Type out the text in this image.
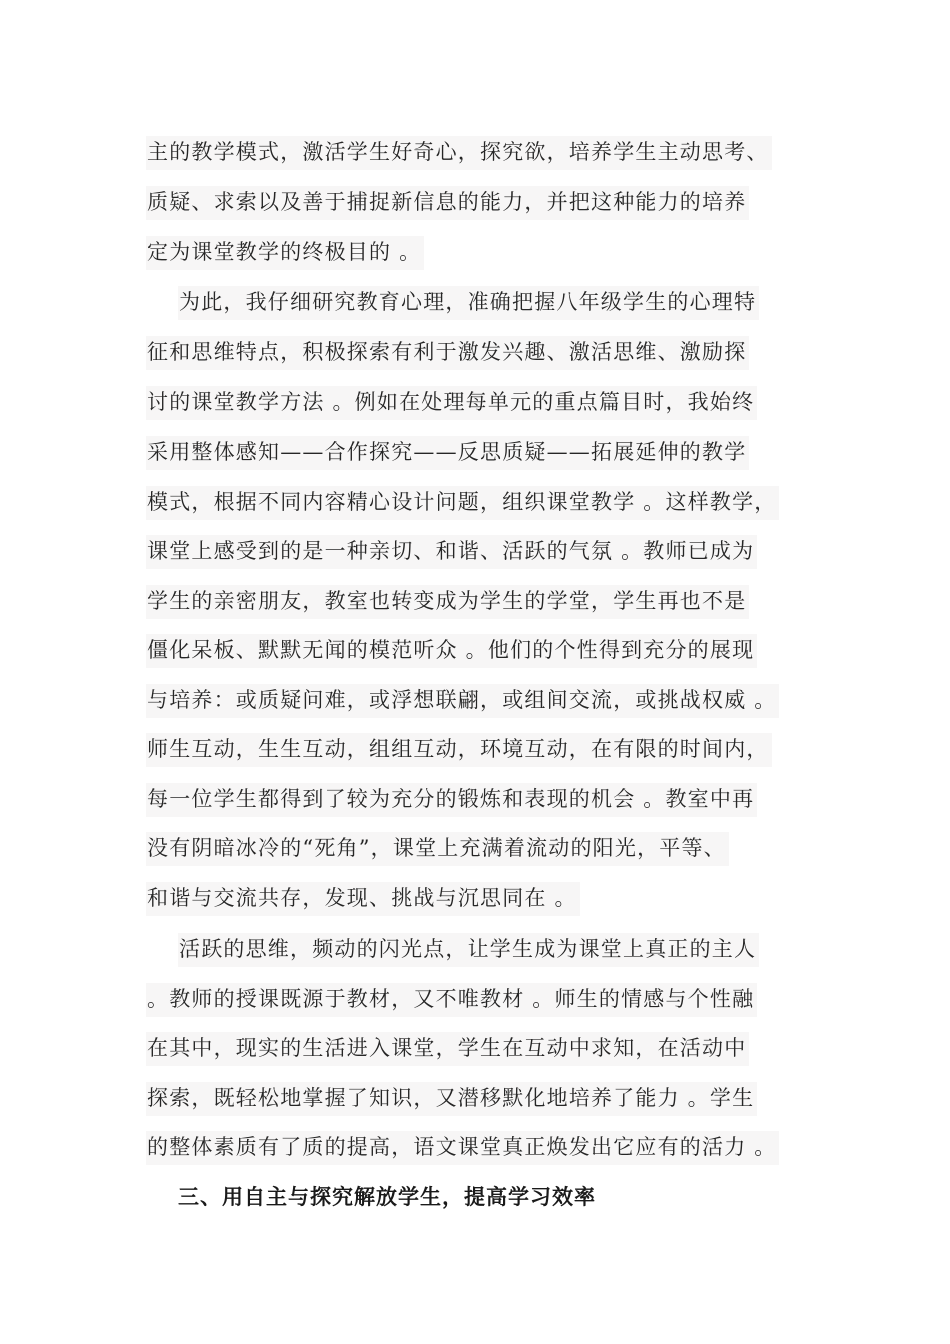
主的教学模式，激活学生好奇心，探究欲，培养学生主动思考、
质疑、求索以及善于捕捉新信息的能力，并把这种能力的培养
定为课堂教学的终极目的 。
为此，我仔细研究教育心理，准确把握八年级学生的心理特
征和思维特点，积极探索有利于激发兴趣、激活思维、激励探
讨的课堂教学方法 。例如在处理每单元的重点篇目时，我始终
采用整体感知——合作探究——反思质疑——拓展延伸的教学
模式，根据不同内容精心设计问题，组织课堂教学 。这样教学，
课堂上感受到的是一种亲切、和谐、活跃的气氛 。教师已成为
学生的亲密朋友，教室也转变成为学生的学堂，学生再也不是
僵化呆板、默默无闻的模范听众 。他们的个性得到充分的展现
与培养：或质疑问难，或浮想联翩，或组间交流，或挑战权威 。
师生互动，生生互动，组组互动，环境互动，在有限的时间内，
每一位学生都得到了较为充分的锻炼和表现的机会 。教室中再
没有阴暗冰冷的“死角”，课堂上充满着流动的阳光，平等、
和谐与交流共存，发现、挑战与沉思同在 。
活跃的思维，频动的闪光点，让学生成为课堂上真正的主人
。教师的授课既源于教材，又不唯教材 。师生的情感与个性融
在其中，现实的生活进入课堂，学生在互动中求知，在活动中
探索，既轻松地掌握了知识，又潜移默化地培养了能力 。学生
的整体素质有了质的提高，语文课堂真正焕发出它应有的活力 。
三、用自主与探究解放学生，提高学习效率
